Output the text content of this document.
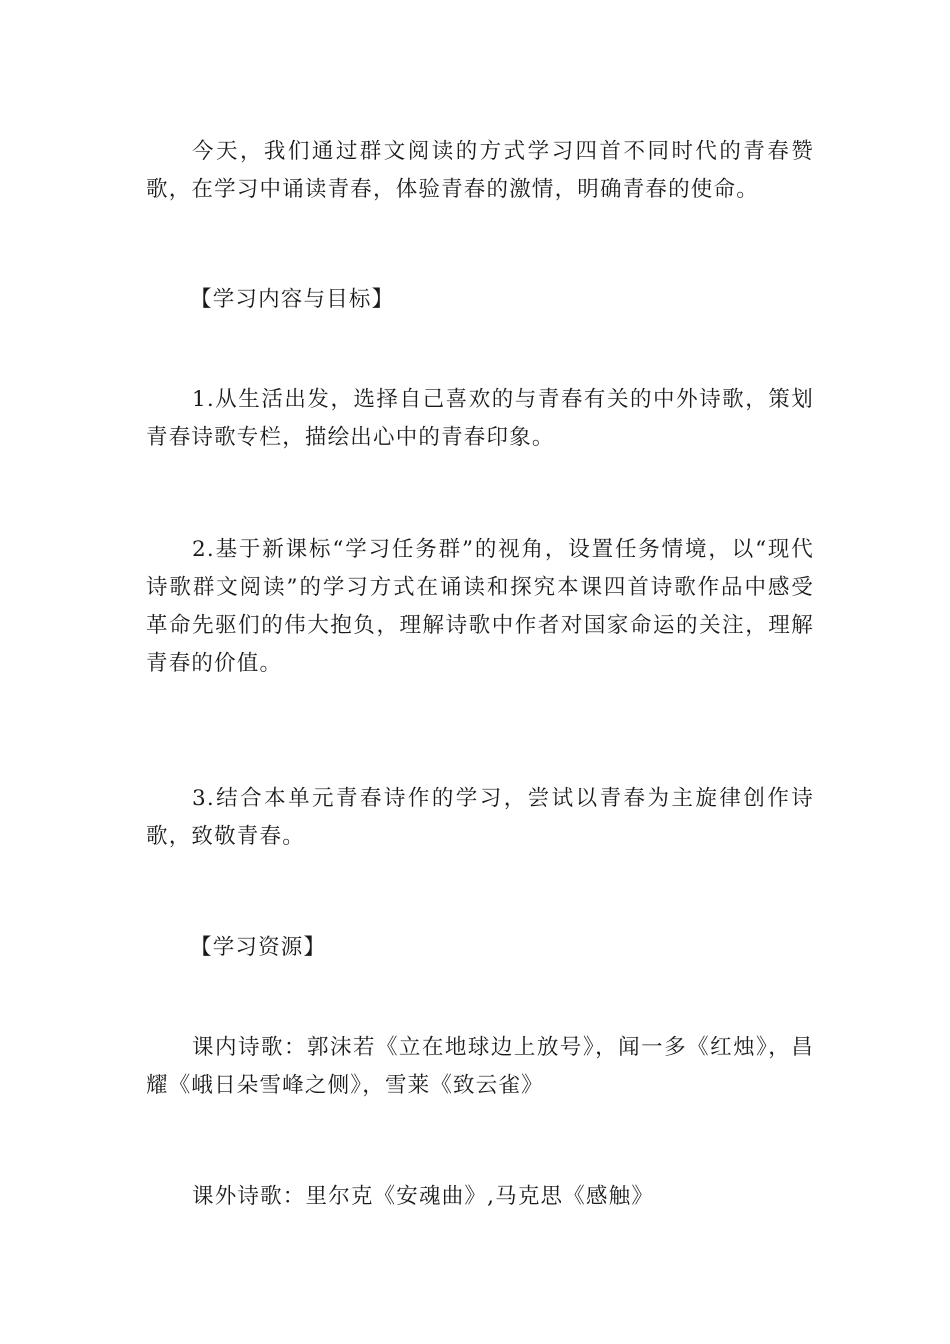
今天，我们通过群文阅读的方式学习四首不同时代的青春赞歌，在学习中诵读青春，体验青春的激情，明确青春的使命。

【学习内容与目标】

1.从生活出发，选择自己喜欢的与青春有关的中外诗歌，策划青春诗歌专栏，描绘出心中的青春印象。

2.基于新课标“学习任务群”的视角，设置任务情境，以“现代诗歌群文阅读”的学习方式在诵读和探究本课四首诗歌作品中感受革命先驱们的伟大抱负，理解诗歌中作者对国家命运的关注，理解青春的价值。

3.结合本单元青春诗作的学习，尝试以青春为主旋律创作诗歌，致敬青春。

【学习资源】

课内诗歌：郭沫若《立在地球边上放号》，闻一多《红烛》，昌耀《峨日朵雪峰之侧》，雪莱《致云雀》

课外诗歌：里尔克《安魂曲》,马克思《感触》
